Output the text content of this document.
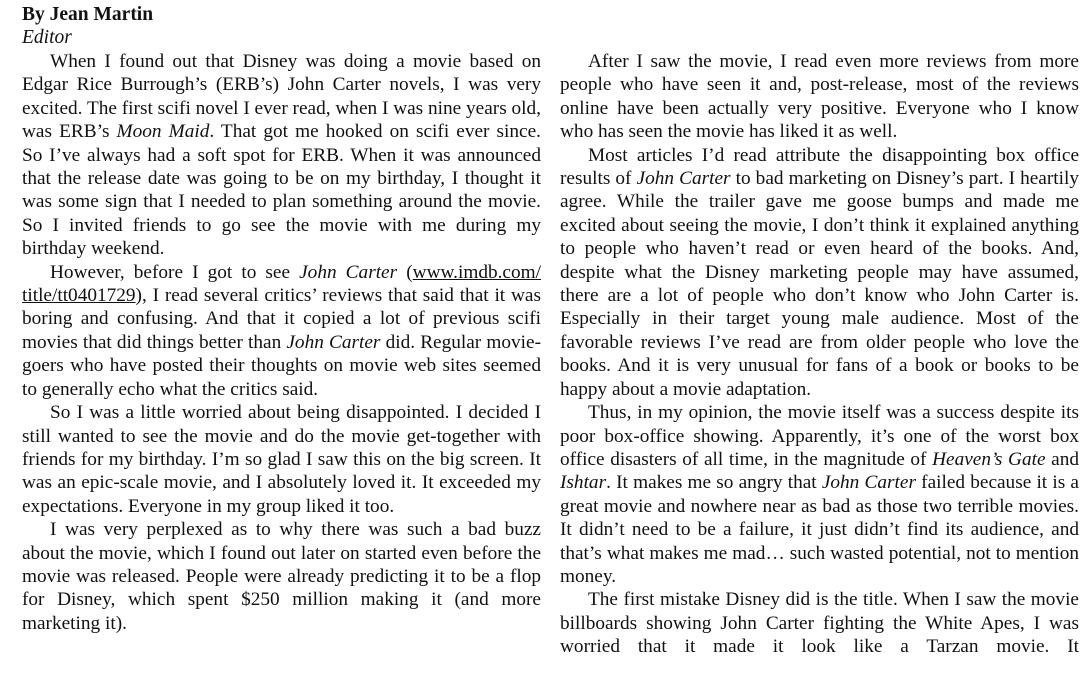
By Jean Martin
Editor

When I found out that Disney was doing a movie based on Edgar Rice Burrough’s (ERB’s) John Carter novels, I was very excited. The first scifi novel I ever read, when I was nine years old, was ERB’s Moon Maid. That got me hooked on scifi ever since. So I’ve always had a soft spot for ERB. When it was announced that the release date was going to be on my birthday, I thought it was some sign that I needed to plan something around the movie. So I invited friends to go see the movie with me during my birthday weekend.

However, before I got to see John Carter (www.imdb.com/ title/tt0401729), I read several critics’ reviews that said that it was boring and confusing. And that it copied a lot of previous scifi movies that did things better than John Carter did. Regular movie-goers who have posted their thoughts on movie web sites seemed to generally echo what the critics said.

So I was a little worried about being disappointed. I decided I still wanted to see the movie and do the movie get-together with friends for my birthday. I’m so glad I saw this on the big screen. It was an epic-scale movie, and I absolutely loved it. It exceeded my expectations. Everyone in my group liked it too.

I was very perplexed as to why there was such a bad buzz about the movie, which I found out later on started even before the movie was released. People were already predicting it to be a flop for Disney, which spent $250 million making it (and more marketing it).

After I saw the movie, I read even more reviews from more people who have seen it and, post-release, most of the reviews online have been actually very positive. Everyone who I know who has seen the movie has liked it as well.

Most articles I’d read attribute the disappointing box office results of John Carter to bad marketing on Disney’s part. I heartily agree. While the trailer gave me goose bumps and made me excited about seeing the movie, I don’t think it explained anything to people who haven’t read or even heard of the books. And, despite what the Disney marketing people may have assumed, there are a lot of people who don’t know who John Carter is. Especially in their target young male audience. Most of the favorable reviews I’ve read are from older people who love the books. And it is very unusual for fans of a book or books to be happy about a movie adaptation.

Thus, in my opinion, the movie itself was a success despite its poor box-office showing. Apparently, it’s one of the worst box office disasters of all time, in the magnitude of Heaven’s Gate and Ishtar. It makes me so angry that John Carter failed because it is a great movie and nowhere near as bad as those two terrible movies. It didn’t need to be a failure, it just didn’t find its audience, and that’s what makes me mad… such wasted potential, not to mention money.

The first mistake Disney did is the title. When I saw the movie billboards showing John Carter fighting the White Apes, I was worried that it made it look like a Tarzan movie. It
